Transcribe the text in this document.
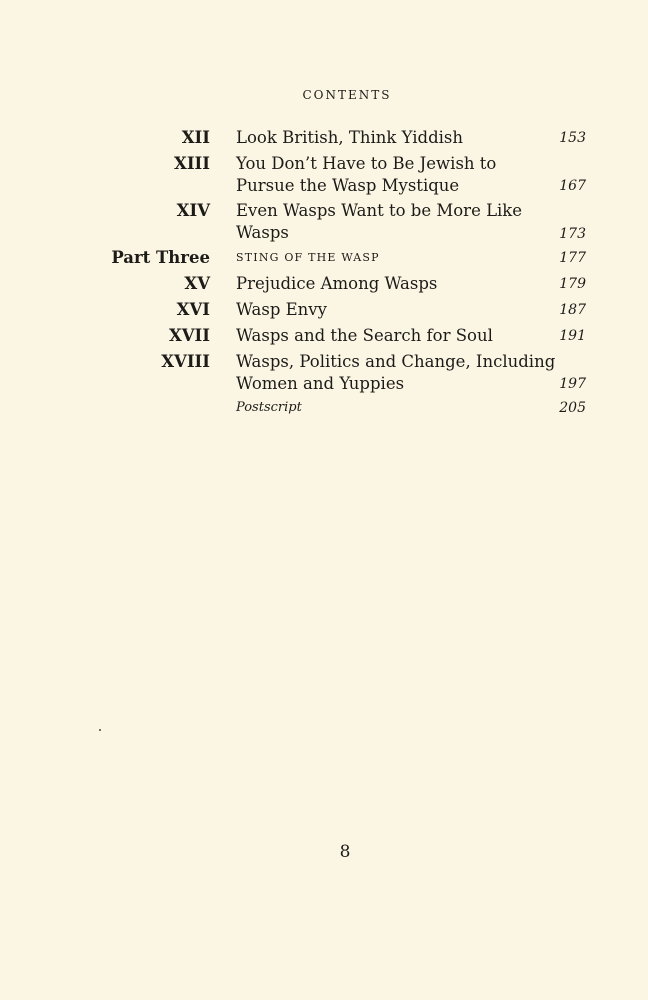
CONTENTS
XII Look British, Think Yiddish	153
XIII You Don’t Have to Be Jewish to
Pursue the Wasp Mystique	167
XIV Even Wasps Want to be More Like
Wasps	173
Part Three STING OF THE WASP	177
XV Prejudice Among Wasps	179
XVI Wasp Envy	187
XVII Wasps and the Search for Soul	191
XVIII Wasps, Politics and Change, Including
Women and Yuppies	197
Postscript	205
8
